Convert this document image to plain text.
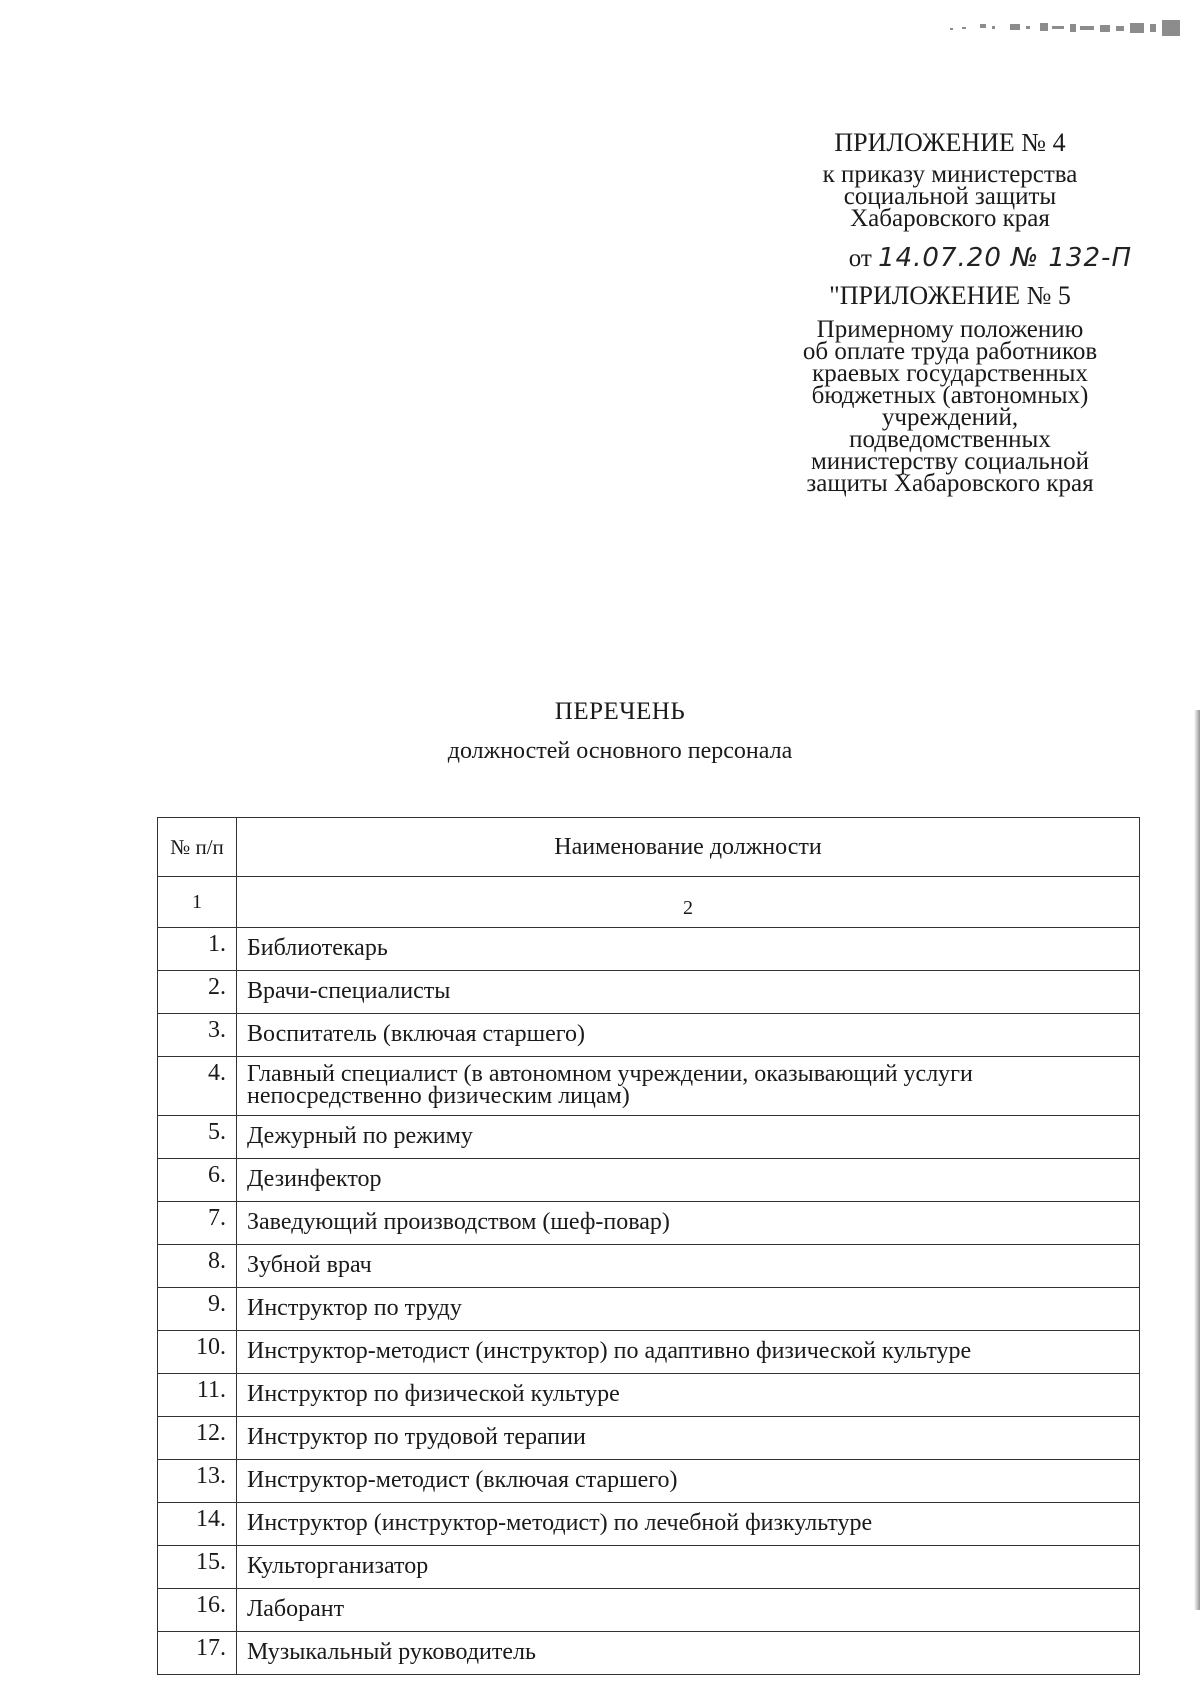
ПРИЛОЖЕНИЕ № 4
к приказу министерства
социальной защиты
Хабаровского края
от 14.07.20 № 132-П
"ПРИЛОЖЕНИЕ № 5
Примерному положению
об оплате труда работников
краевых государственных
бюджетных (автономных)
учреждений,
подведомственных
министерству социальной
защиты Хабаровского края
ПЕРЕЧЕНЬ
должностей основного персонала
№ п/п	Наименование должности
1	2
1.	Библиотекарь
2.	Врачи-специалисты
3.	Воспитатель (включая старшего)
4.	Главный специалист (в автономном учреждении, оказывающий услуги непосредственно физическим лицам)
5.	Дежурный по режиму
6.	Дезинфектор
7.	Заведующий производством (шеф-повар)
8.	Зубной врач
9.	Инструктор по труду
10.	Инструктор-методист (инструктор) по адаптивно физической культуре
11.	Инструктор по физической культуре
12.	Инструктор по трудовой терапии
13.	Инструктор-методист (включая старшего)
14.	Инструктор (инструктор-методист) по лечебной физкультуре
15.	Культорганизатор
16.	Лаборант
17.	Музыкальный руководитель
